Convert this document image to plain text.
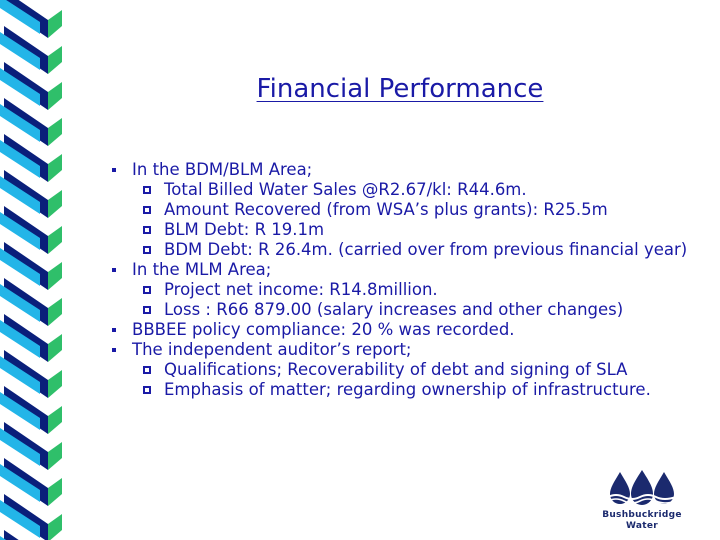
Financial Performance
In the BDM/BLM Area;
Total Billed Water Sales @R2.67/kl: R44.6m.
Amount Recovered (from WSA’s plus grants): R25.5m
BLM Debt: R 19.1m
BDM Debt: R 26.4m. (carried over from previous financial year)
In the MLM Area;
Project net income: R14.8million.
Loss : R66 879.00 (salary increases and other changes)
BBBEE policy compliance: 20 % was recorded.
The independent auditor’s report;
Qualifications; Recoverability of debt and signing of SLA
Emphasis of matter; regarding ownership of infrastructure.
Bushbuckridge
Water
